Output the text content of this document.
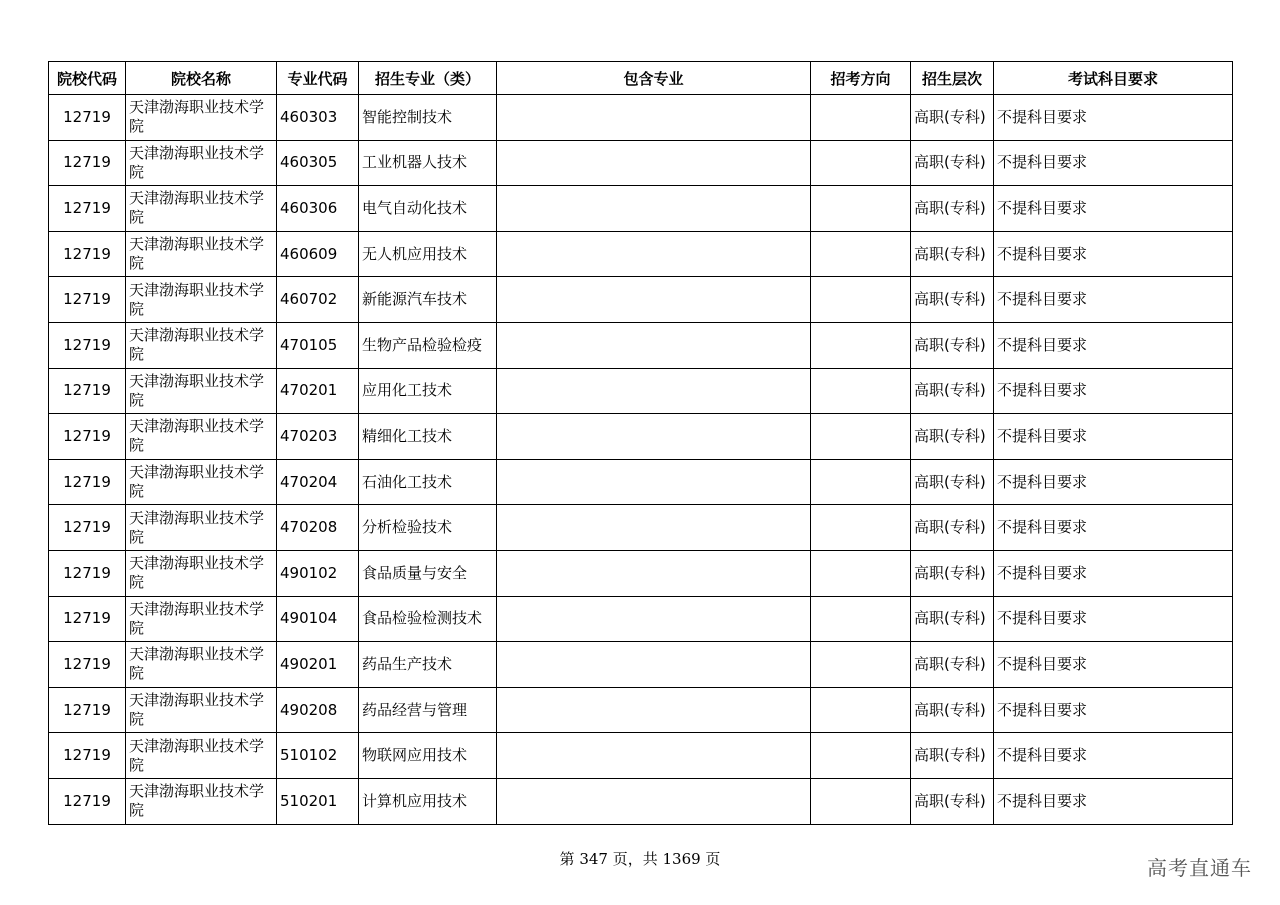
院校代码	院校名称	专业代码	招生专业（类）	包含专业	招考方向	招生层次	考试科目要求
12719	天津渤海职业技术学院	460303	智能控制技术			高职(专科)	不提科目要求
12719	天津渤海职业技术学院	460305	工业机器人技术			高职(专科)	不提科目要求
12719	天津渤海职业技术学院	460306	电气自动化技术			高职(专科)	不提科目要求
12719	天津渤海职业技术学院	460609	无人机应用技术			高职(专科)	不提科目要求
12719	天津渤海职业技术学院	460702	新能源汽车技术			高职(专科)	不提科目要求
12719	天津渤海职业技术学院	470105	生物产品检验检疫			高职(专科)	不提科目要求
12719	天津渤海职业技术学院	470201	应用化工技术			高职(专科)	不提科目要求
12719	天津渤海职业技术学院	470203	精细化工技术			高职(专科)	不提科目要求
12719	天津渤海职业技术学院	470204	石油化工技术			高职(专科)	不提科目要求
12719	天津渤海职业技术学院	470208	分析检验技术			高职(专科)	不提科目要求
12719	天津渤海职业技术学院	490102	食品质量与安全			高职(专科)	不提科目要求
12719	天津渤海职业技术学院	490104	食品检验检测技术			高职(专科)	不提科目要求
12719	天津渤海职业技术学院	490201	药品生产技术			高职(专科)	不提科目要求
12719	天津渤海职业技术学院	490208	药品经营与管理			高职(专科)	不提科目要求
12719	天津渤海职业技术学院	510102	物联网应用技术			高职(专科)	不提科目要求
12719	天津渤海职业技术学院	510201	计算机应用技术			高职(专科)	不提科目要求
第 347 页，共 1369 页	高考直通车
